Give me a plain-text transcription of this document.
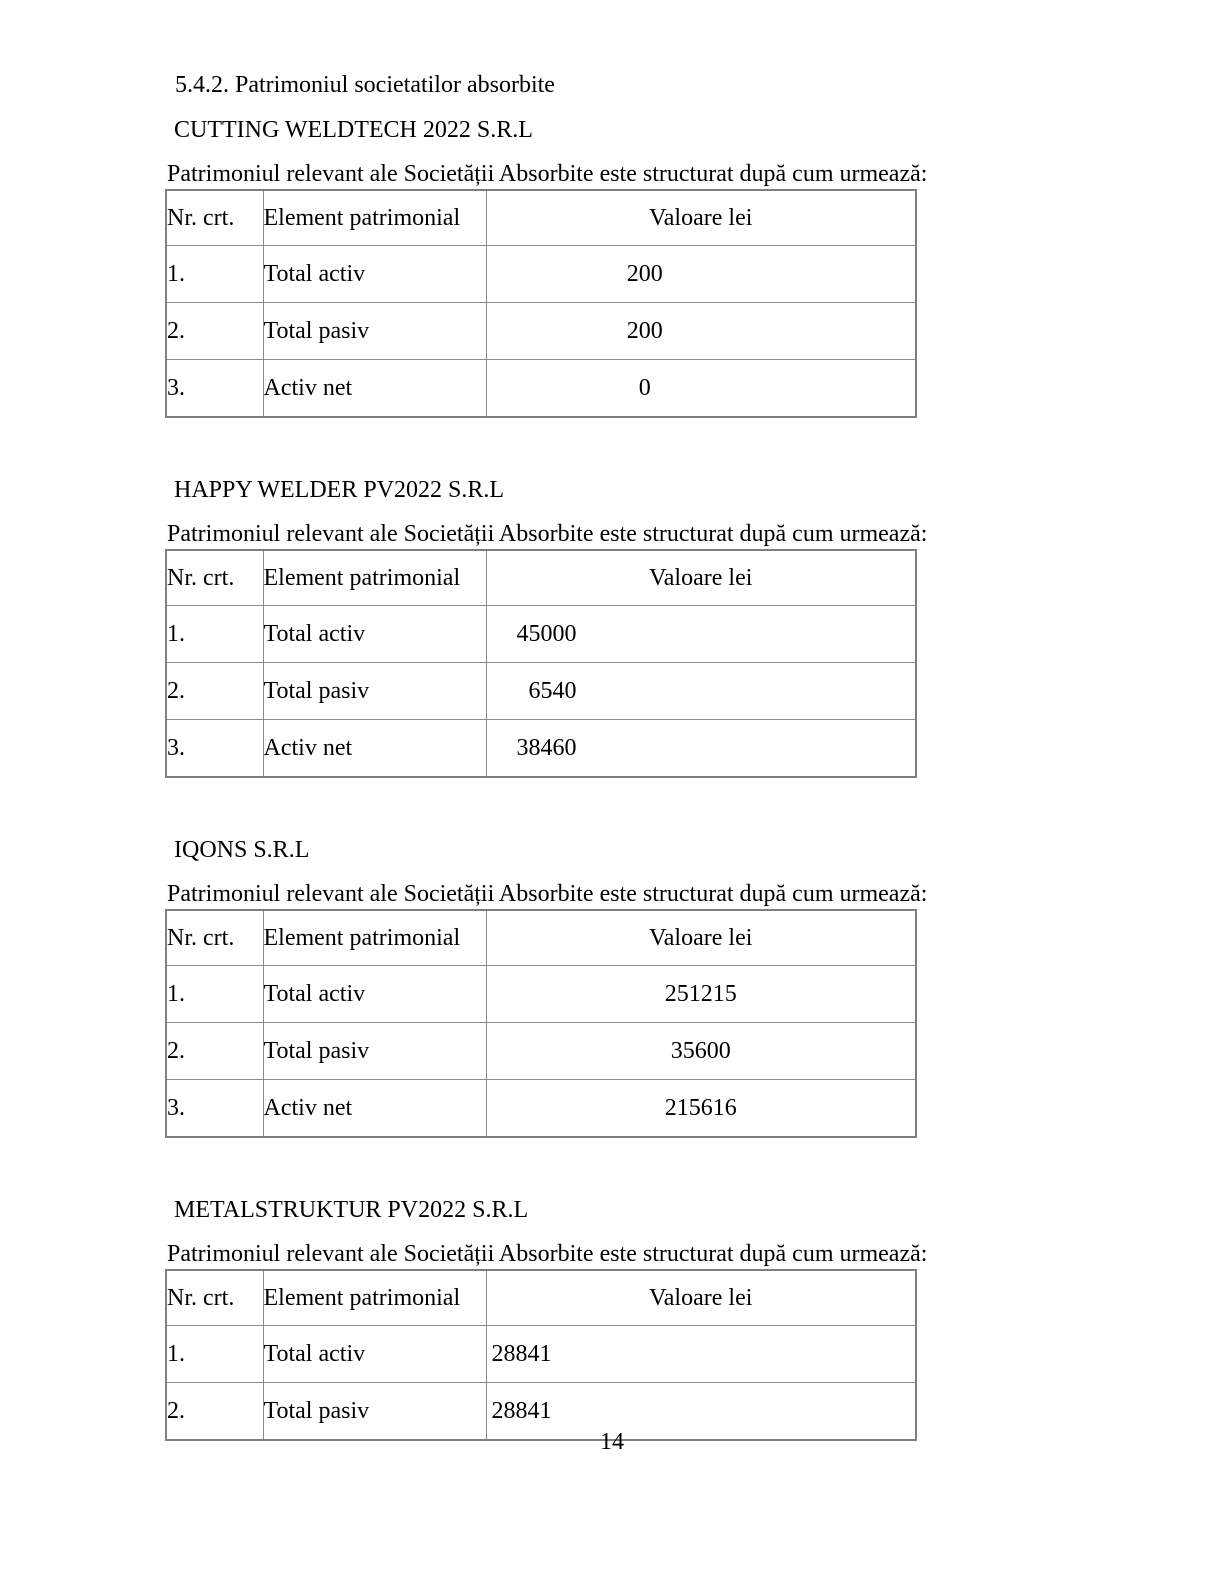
5.4.2. Patrimoniul societatilor absorbite
CUTTING WELDTECH 2022 S.R.L

Patrimoniul relevant ale Societății Absorbite este structurat după cum urmează:

Nr. crt.	Element patrimonial	Valoare lei
1.	Total activ	200
2.	Total pasiv	200
3.	Activ net	0
HAPPY WELDER PV2022 S.R.L

Patrimoniul relevant ale Societății Absorbite este structurat după cum urmează:

Nr. crt.	Element patrimonial	Valoare lei
1.	Total activ	45000
2.	Total pasiv	6540
3.	Activ net	38460
IQONS S.R.L

Patrimoniul relevant ale Societății Absorbite este structurat după cum urmează:

Nr. crt.	Element patrimonial	Valoare lei
1.	Total activ	251215
2.	Total pasiv	35600
3.	Activ net	215616
METALSTRUKTUR PV2022 S.R.L

Patrimoniul relevant ale Societății Absorbite este structurat după cum urmează:

Nr. crt.	Element patrimonial	Valoare lei
1.	Total activ	28841
2.	Total pasiv	28841
14
